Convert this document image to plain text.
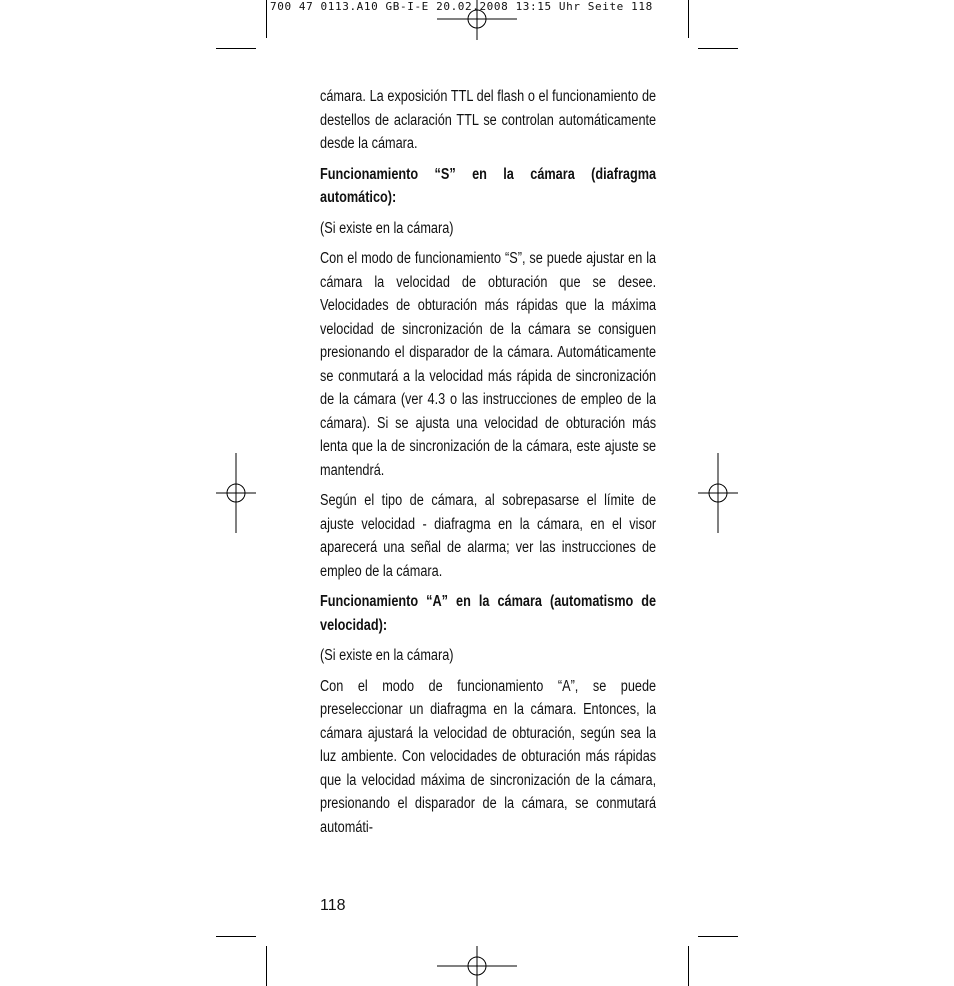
700 47 0113.A10 GB-I-E 20.02.2008 13:15 Uhr Seite 118

cámara. La exposición TTL del flash o el funcionamiento de destellos de aclaración TTL se controlan automáticamente desde la cámara.

Funcionamiento “S” en la cámara (diafragma automático):

(Si existe en la cámara)

Con el modo de funcionamiento “S”, se puede ajustar en la cámara la velocidad de obturación que se desee. Velocidades de obturación más rápidas que la máxima velocidad de sincronización de la cámara se consiguen presionando el disparador de la cámara. Automáticamente se conmutará a la velocidad más rápida de sincronización de la cámara (ver 4.3 o las instrucciones de empleo de la cámara). Si se ajusta una velocidad de obturación más lenta que la de sincronización de la cámara, este ajuste se mantendrá.

Según el tipo de cámara, al sobrepasarse el límite de ajuste velocidad - diafragma en la cámara, en el visor aparecerá una señal de alarma; ver las instrucciones de empleo de la cámara.

Funcionamiento “A” en la cámara (automatismo de velocidad):

(Si existe en la cámara)

Con el modo de funcionamiento “A”, se puede preseleccionar un diafragma en la cámara. Entonces, la cámara ajustará la velocidad de obturación, según sea la luz ambiente. Con velocidades de obturación más rápidas que la velocidad máxima de sincronización de la cámara, presionando el disparador de la cámara, se conmutará automáti-

118
